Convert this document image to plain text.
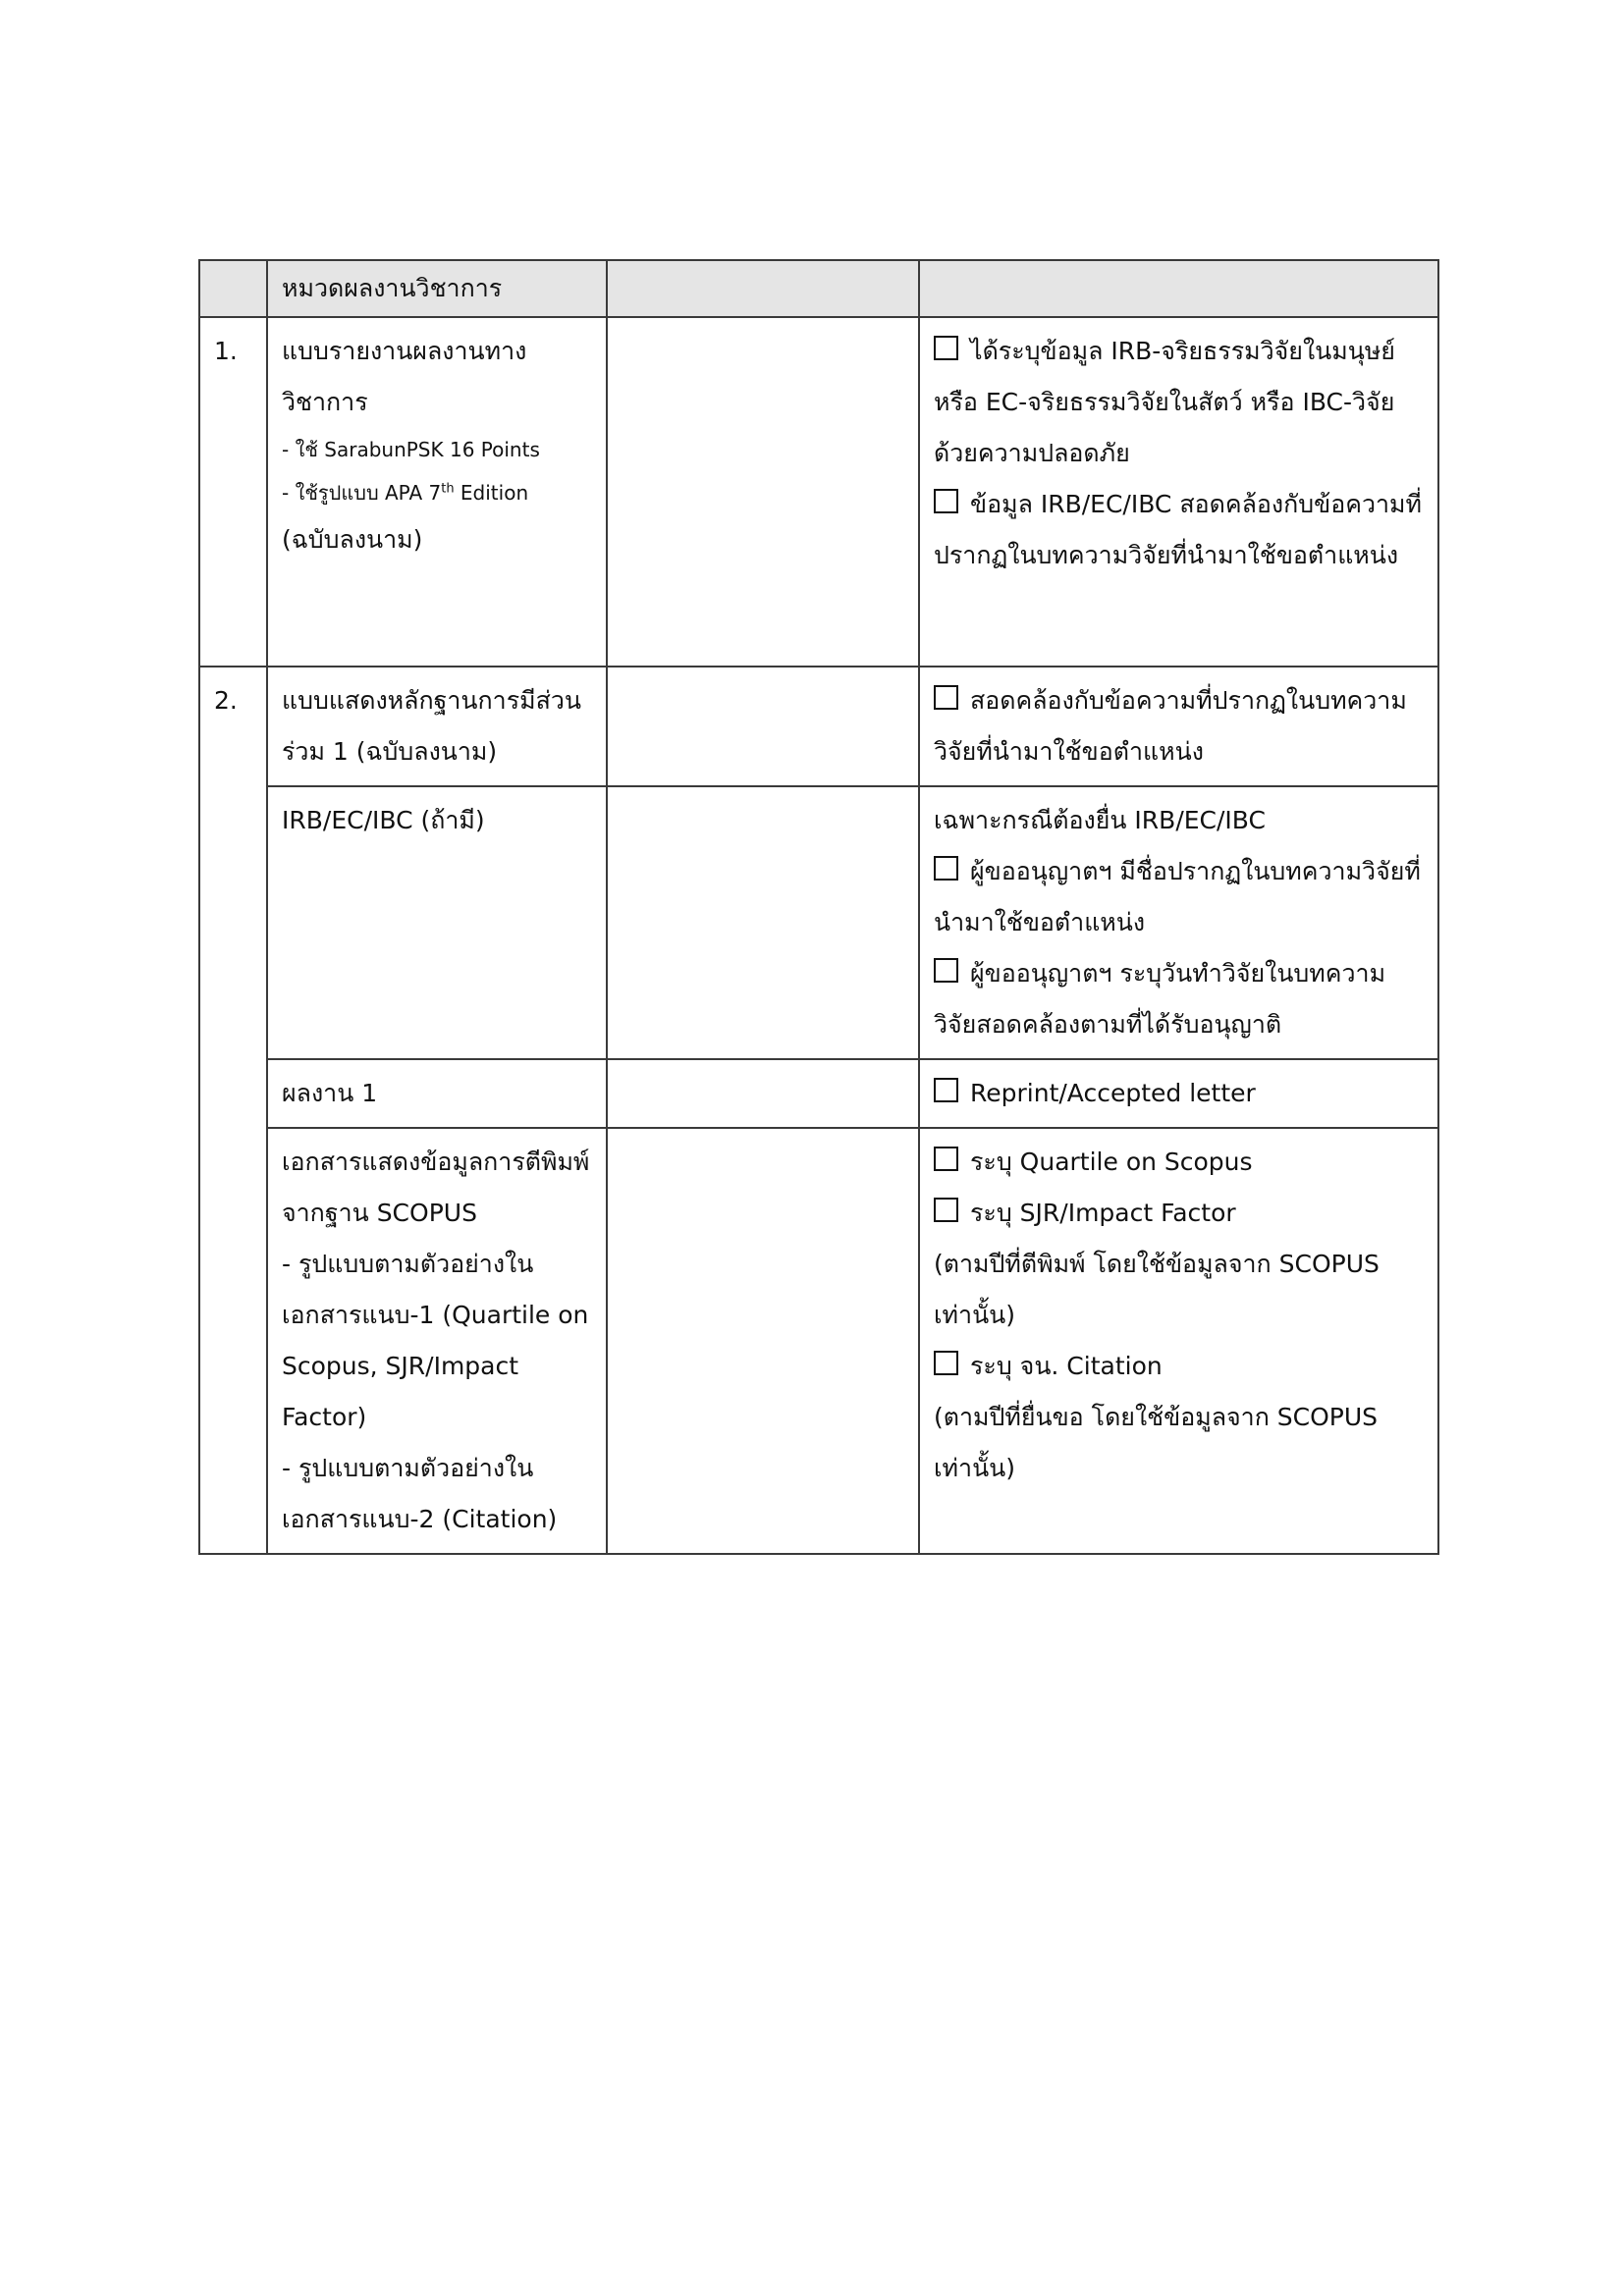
	หมวดผลงานวิชาการ		
1.	แบบรายงานผลงานทาง
วิชาการ
- ใช้ SarabunPSK 16 Points
- ใช้รูปแบบ APA 7th Edition
(ฉบับลงนาม)		ได้ระบุข้อมูล IRB-จริยธรรมวิจัยในมนุษย์ หรือ EC-จริยธรรมวิจัยในสัตว์ หรือ IBC-วิจัยด้วยความปลอดภัย
ข้อมูล IRB/EC/IBC สอดคล้องกับข้อความที่ปรากฏในบทความวิจัยที่นำมาใช้ขอตำแหน่ง

2.	แบบแสดงหลักฐานการมีส่วนร่วม 1 (ฉบับลงนาม)		สอดคล้องกับข้อความที่ปรากฏในบทความวิจัยที่นำมาใช้ขอตำแหน่ง

	IRB/EC/IBC (ถ้ามี)		เฉพาะกรณีต้องยื่น IRB/EC/IBC
ผู้ขออนุญาตฯ มีชื่อปรากฏในบทความวิจัยที่นำมาใช้ขอตำแหน่ง
ผู้ขออนุญาตฯ ระบุวันทำวิจัยในบทความวิจัยสอดคล้องตามที่ได้รับอนุญาติ

	ผลงาน 1		Reprint/Accepted letter

	เอกสารแสดงข้อมูลการตีพิมพ์จากฐาน SCOPUS
- รูปแบบตามตัวอย่างในเอกสารแนบ-1 (Quartile on Scopus, SJR/Impact Factor)
- รูปแบบตามตัวอย่างในเอกสารแนบ-2 (Citation)		ระบุ Quartile on Scopus
ระบุ SJR/Impact Factor
(ตามปีที่ตีพิมพ์ โดยใช้ข้อมูลจาก SCOPUS เท่านั้น)
ระบุ จน. Citation
(ตามปีที่ยื่นขอ โดยใช้ข้อมูลจาก SCOPUS เท่านั้น)
